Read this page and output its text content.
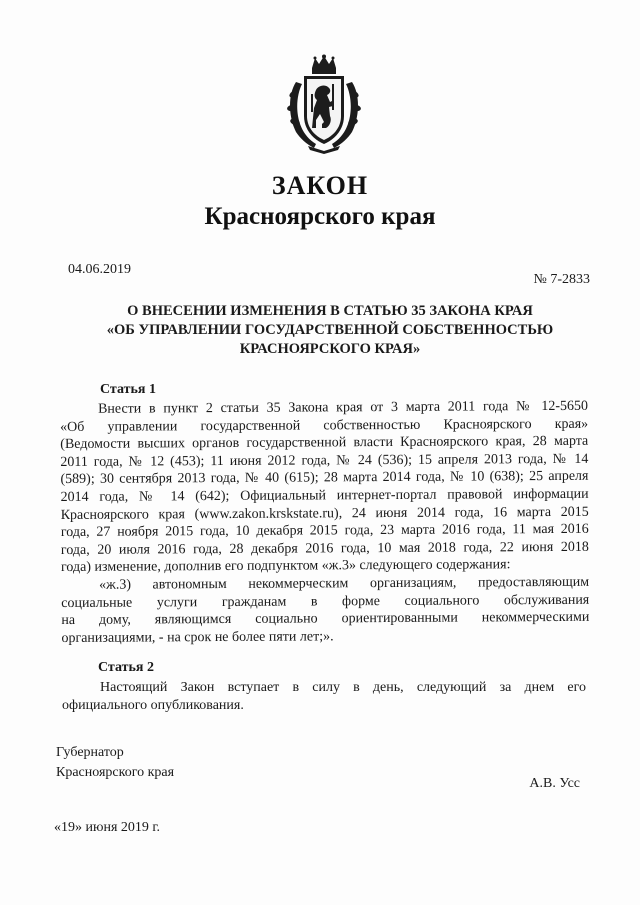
ЗАКОН
Красноярского края
04.06.2019
№ 7-2833
О ВНЕСЕНИИ ИЗМЕНЕНИЯ В СТАТЬЮ 35 ЗАКОНА КРАЯ
«ОБ УПРАВЛЕНИИ ГОСУДАРСТВЕННОЙ СОБСТВЕННОСТЬЮ
КРАСНОЯРСКОГО КРАЯ»
Статья 1
Внести в пункт 2 статьи 35 Закона края от 3 марта 2011 года № 12-5650
«Об управлении государственной собственностью Красноярского края»
(Ведомости высших органов государственной власти Красноярского края, 28 марта
2011 года, № 12 (453); 11 июня 2012 года, № 24 (536); 15 апреля 2013 года, № 14
(589); 30 сентября 2013 года, № 40 (615); 28 марта 2014 года, № 10 (638); 25 апреля
2014 года, № 14 (642); Официальный интернет-портал правовой информации
Красноярского края (www.zakon.krskstate.ru), 24 июня 2014 года, 16 марта 2015
года, 27 ноября 2015 года, 10 декабря 2015 года, 23 марта 2016 года, 11 мая 2016
года, 20 июля 2016 года, 28 декабря 2016 года, 10 мая 2018 года, 22 июня 2018
года) изменение, дополнив его подпунктом «ж.3» следующего содержания:
«ж.3) автономным некоммерческим организациям, предоставляющим
социальные услуги гражданам в форме социального обслуживания
на дому, являющимся социально ориентированными некоммерческими
организациями, - на срок не более пяти лет;».
Статья 2
Настоящий Закон вступает в силу в день, следующий за днем его
официального опубликования.
Губернатор
Красноярского края
А.В. Усс
«19» июня 2019 г.
